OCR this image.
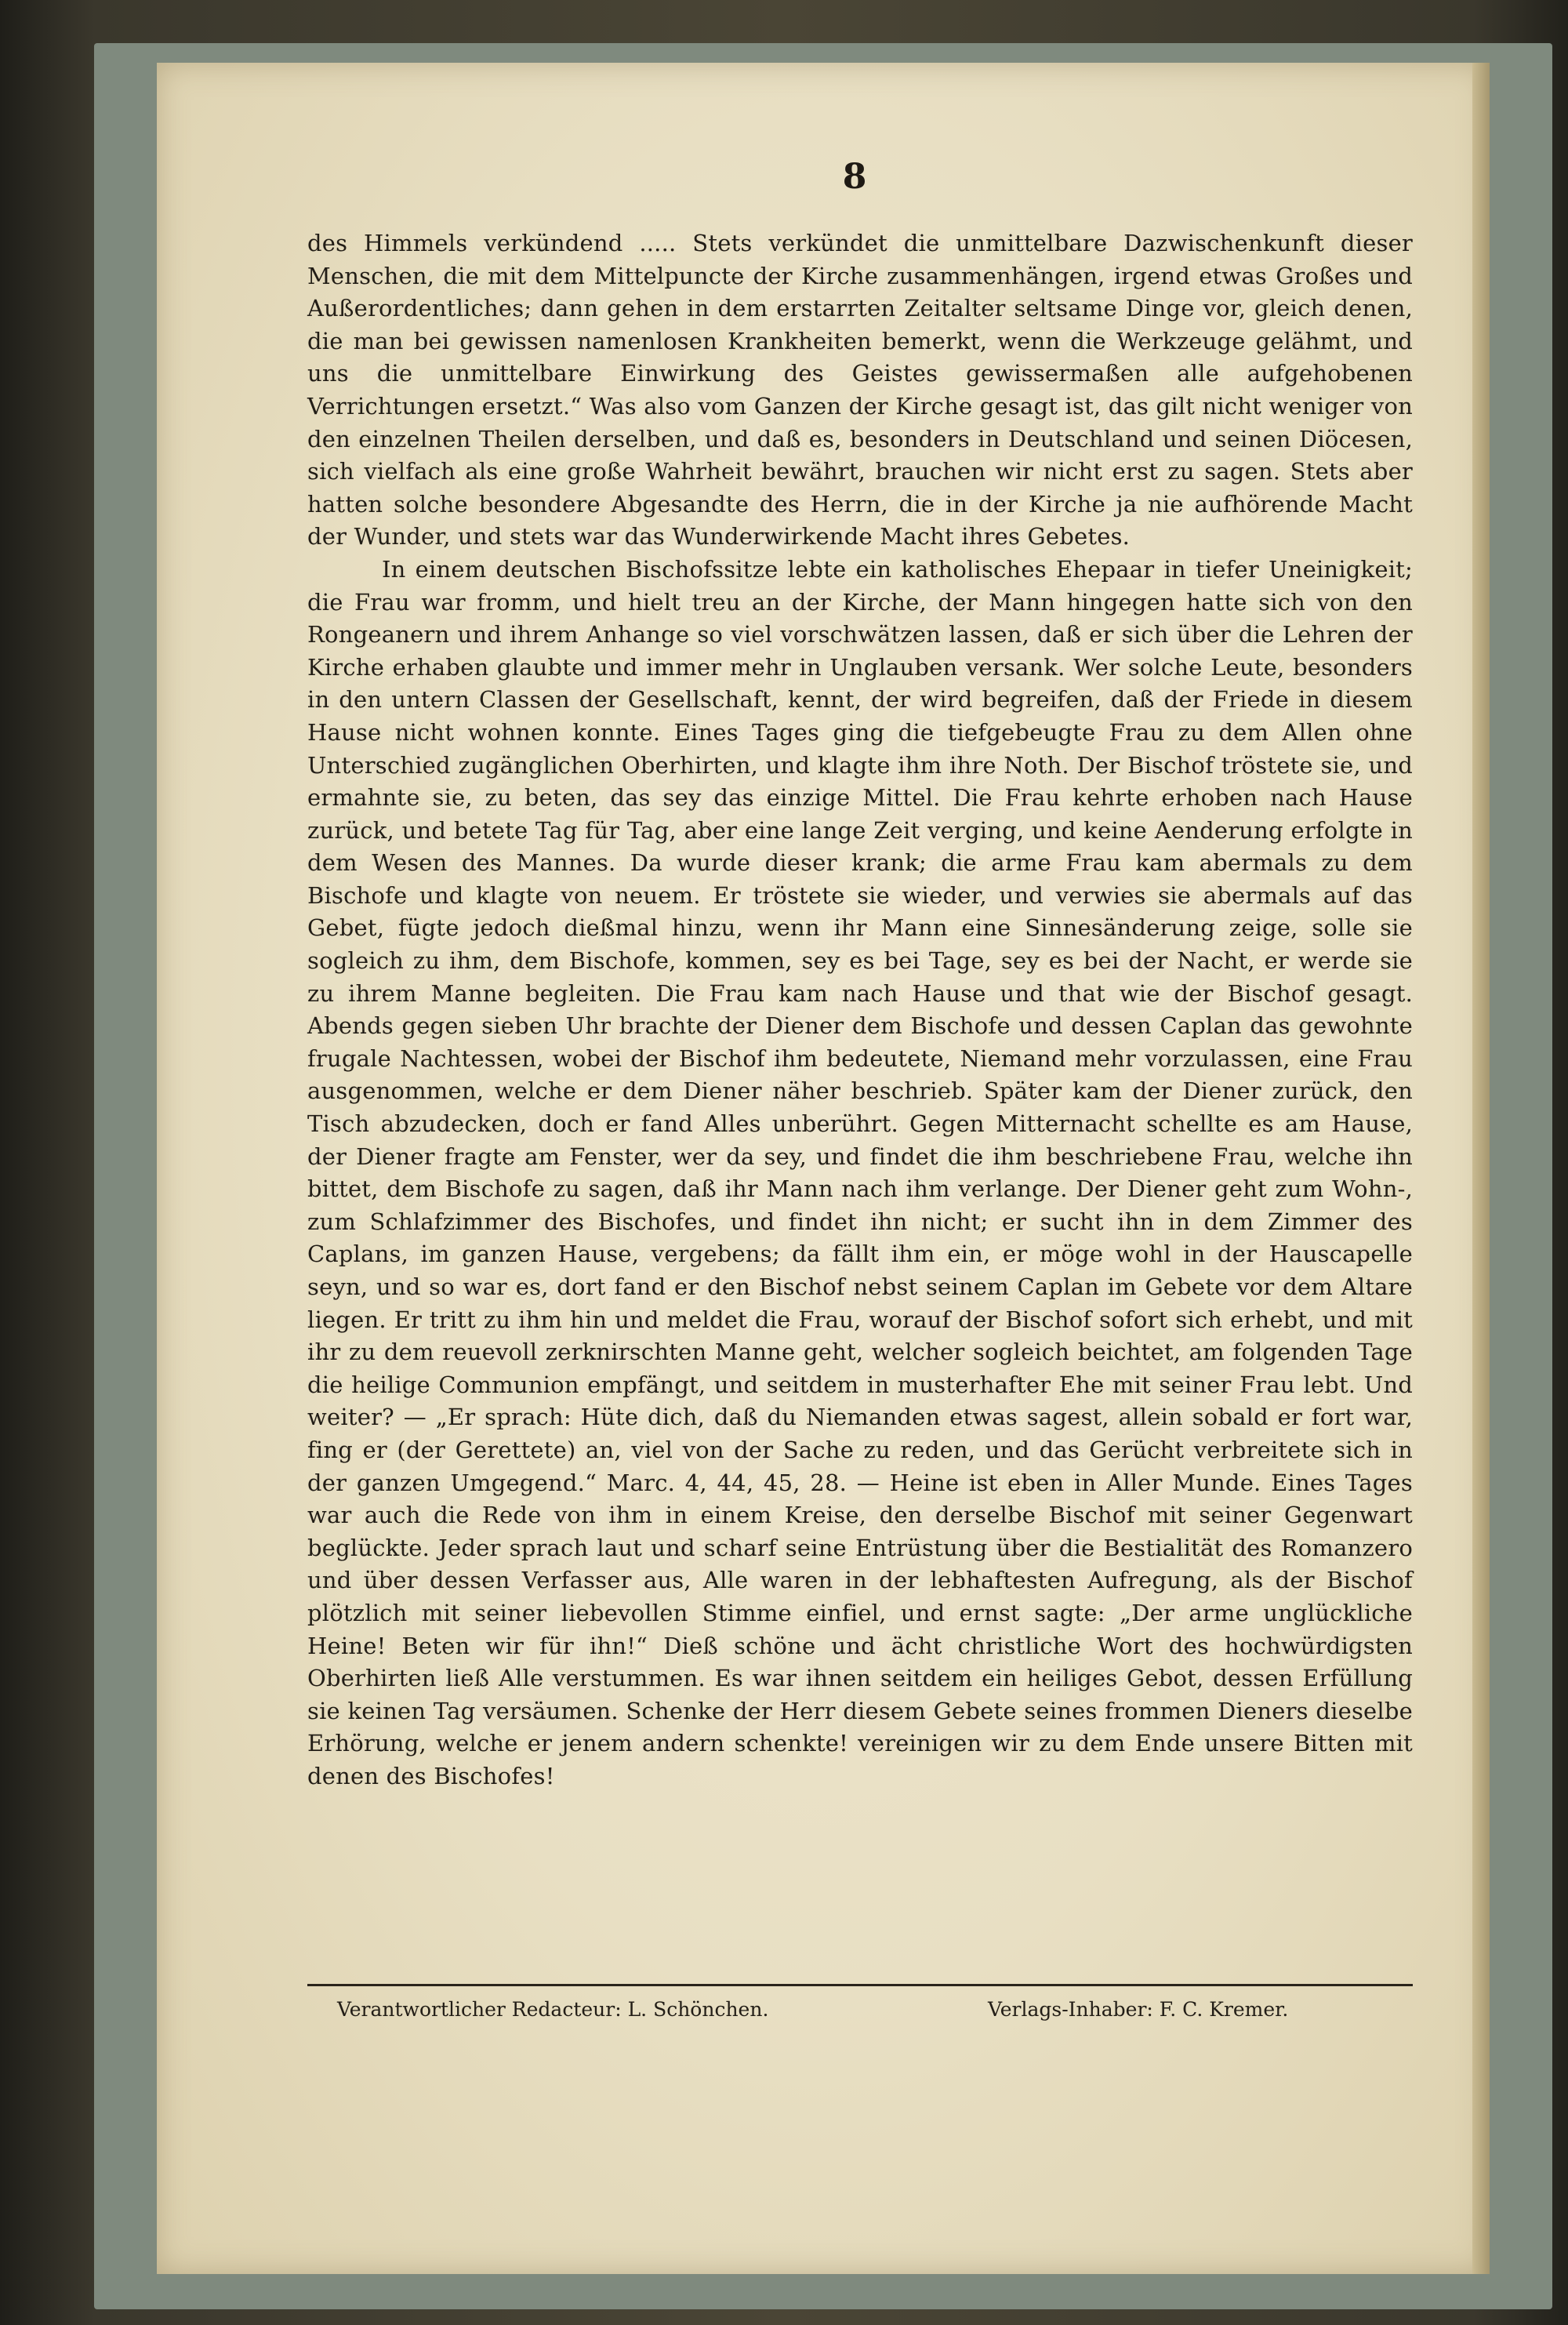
8

des Himmels verkündend ..... Stets verkündet die unmittelbare Dazwischenkunft dieser Menschen, die mit dem Mittelpuncte der Kirche zusammenhängen, irgend etwas Großes und Außerordentliches; dann gehen in dem erstarrten Zeitalter seltsame Dinge vor, gleich denen, die man bei gewissen namenlosen Krankheiten bemerkt, wenn die Werkzeuge gelähmt, und uns die unmittelbare Einwirkung des Geistes gewissermaßen alle aufgehobenen Verrichtungen ersetzt.“ Was also vom Ganzen der Kirche gesagt ist, das gilt nicht weniger von den einzelnen Theilen derselben, und daß es, besonders in Deutschland und seinen Diöcesen, sich vielfach als eine große Wahrheit bewährt, brauchen wir nicht erst zu sagen. Stets aber hatten solche besondere Abgesandte des Herrn, die in der Kirche ja nie aufhörende Macht der Wunder, und stets war das Wunderwirkende Macht ihres Gebetes.

In einem deutschen Bischofssitze lebte ein katholisches Ehepaar in tiefer Uneinigkeit; die Frau war fromm, und hielt treu an der Kirche, der Mann hingegen hatte sich von den Rongeanern und ihrem Anhange so viel vorschwätzen lassen, daß er sich über die Lehren der Kirche erhaben glaubte und immer mehr in Unglauben versank. Wer solche Leute, besonders in den untern Classen der Gesellschaft, kennt, der wird begreifen, daß der Friede in diesem Hause nicht wohnen konnte. Eines Tages ging die tiefgebeugte Frau zu dem Allen ohne Unterschied zugänglichen Oberhirten, und klagte ihm ihre Noth. Der Bischof tröstete sie, und ermahnte sie, zu beten, das sey das einzige Mittel. Die Frau kehrte erhoben nach Hause zurück, und betete Tag für Tag, aber eine lange Zeit verging, und keine Aenderung erfolgte in dem Wesen des Mannes. Da wurde dieser krank; die arme Frau kam abermals zu dem Bischofe und klagte von neuem. Er tröstete sie wieder, und verwies sie abermals auf das Gebet, fügte jedoch dießmal hinzu, wenn ihr Mann eine Sinnesänderung zeige, solle sie sogleich zu ihm, dem Bischofe, kommen, sey es bei Tage, sey es bei der Nacht, er werde sie zu ihrem Manne begleiten. Die Frau kam nach Hause und that wie der Bischof gesagt. Abends gegen sieben Uhr brachte der Diener dem Bischofe und dessen Caplan das gewohnte frugale Nachtessen, wobei der Bischof ihm bedeutete, Niemand mehr vorzulassen, eine Frau ausgenommen, welche er dem Diener näher beschrieb. Später kam der Diener zurück, den Tisch abzudecken, doch er fand Alles unberührt. Gegen Mitternacht schellte es am Hause, der Diener fragte am Fenster, wer da sey, und findet die ihm beschriebene Frau, welche ihn bittet, dem Bischofe zu sagen, daß ihr Mann nach ihm verlange. Der Diener geht zum Wohn-, zum Schlafzimmer des Bischofes, und findet ihn nicht; er sucht ihn in dem Zimmer des Caplans, im ganzen Hause, vergebens; da fällt ihm ein, er möge wohl in der Hauscapelle seyn, und so war es, dort fand er den Bischof nebst seinem Caplan im Gebete vor dem Altare liegen. Er tritt zu ihm hin und meldet die Frau, worauf der Bischof sofort sich erhebt, und mit ihr zu dem reuevoll zerknirschten Manne geht, welcher sogleich beichtet, am folgenden Tage die heilige Communion empfängt, und seitdem in musterhafter Ehe mit seiner Frau lebt. Und weiter? — „Er sprach: Hüte dich, daß du Niemanden etwas sagest, allein sobald er fort war, fing er (der Gerettete) an, viel von der Sache zu reden, und das Gerücht verbreitete sich in der ganzen Umgegend.“ Marc. 4, 44, 45, 28. — Heine ist eben in Aller Munde. Eines Tages war auch die Rede von ihm in einem Kreise, den derselbe Bischof mit seiner Gegenwart beglückte. Jeder sprach laut und scharf seine Entrüstung über die Bestialität des Romanzero und über dessen Verfasser aus, Alle waren in der lebhaftesten Aufregung, als der Bischof plötzlich mit seiner liebevollen Stimme einfiel, und ernst sagte: „Der arme unglückliche Heine! Beten wir für ihn!“ Dieß schöne und ächt christliche Wort des hochwürdigsten Oberhirten ließ Alle verstummen. Es war ihnen seitdem ein heiliges Gebot, dessen Erfüllung sie keinen Tag versäumen. Schenke der Herr diesem Gebete seines frommen Dieners dieselbe Erhörung, welche er jenem andern schenkte! vereinigen wir zu dem Ende unsere Bitten mit denen des Bischofes!

Verantwortlicher Redacteur: L. Schönchen.	Verlags-Inhaber: F. C. Kremer.
